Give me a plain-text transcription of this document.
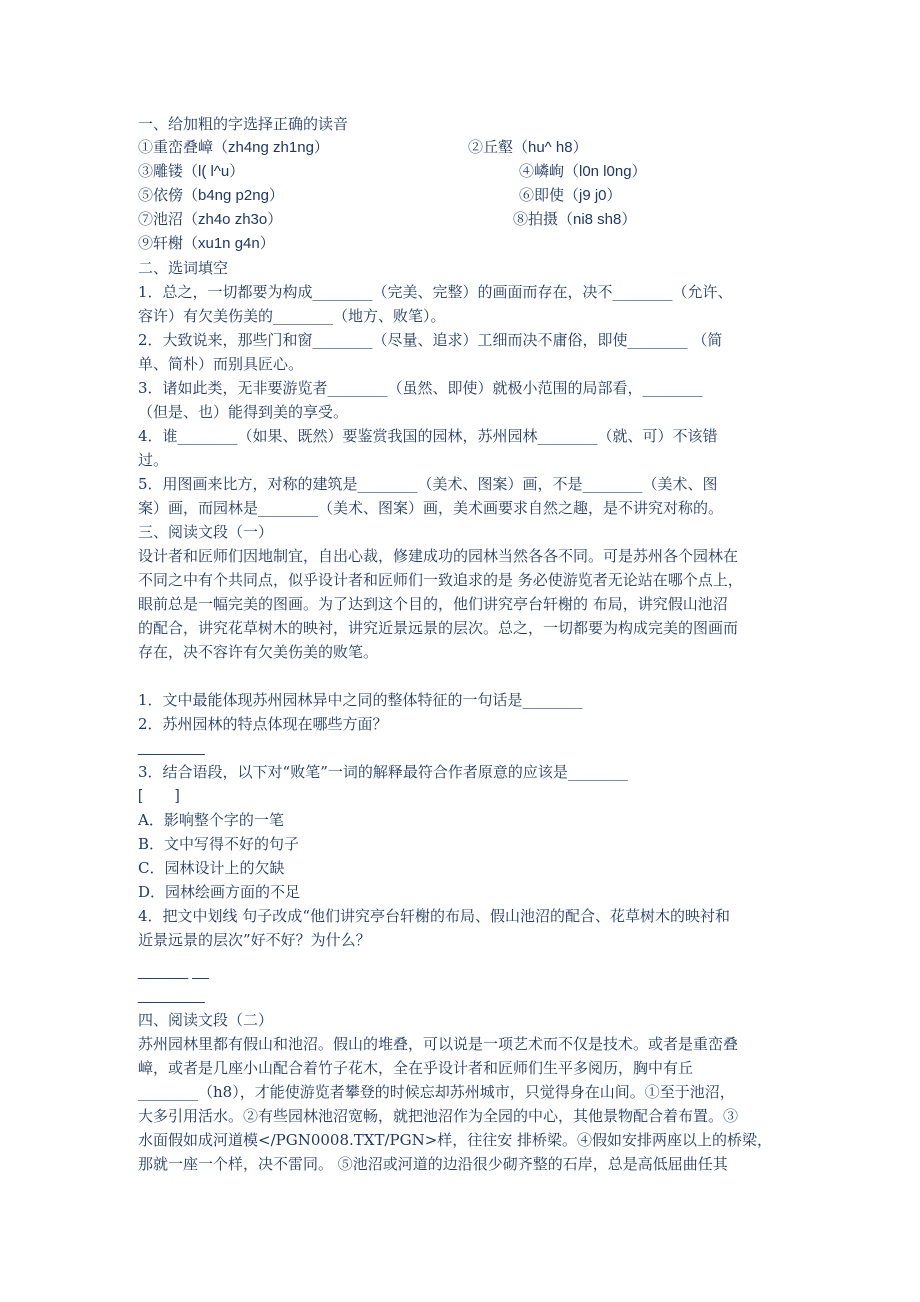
一、给加粗的字选择正确的读音
①重峦叠嶂（zh4ng zh1ng）	②丘壑（hu^ h8）
③雕镂（l( l^u）	④嶙峋（l0n l0ng）
⑤依傍（b4ng p2ng）	⑥即使（j9 j0）
⑦池沼（zh4o zh3o）	⑧拍摄（ni8 sh8）
⑨轩榭（xu1n g4n）
二、选词填空
1．总之，一切都要为构成________（完美、完整）的画面而存在，决不________（允许、
容许）有欠美伤美的________（地方、败笔）。
2．大致说来，那些门和窗________（尽量、追求）工细而决不庸俗，即使________ （简
单、简朴）而别具匠心。
3．诸如此类，无非要游览者________（虽然、即使）就极小范围的局部看，________
（但是、也）能得到美的享受。
4．谁________（如果、既然）要鉴赏我国的园林，苏州园林________（就、可）不该错
过。
5．用图画来比方，对称的建筑是________（美术、图案）画，不是________（美术、图
案）画，而园林是________（美术、图案）画，美术画要求自然之趣，是不讲究对称的。
三、阅读文段（一）
设计者和匠师们因地制宜，自出心裁，修建成功的园林当然各各不同。可是苏州各个园林在
不同之中有个共同点，似乎设计者和匠师们一致追求的是 务必使游览者无论站在哪个点上，
眼前总是一幅完美的图画。为了达到这个目的，他们讲究亭台轩榭的 布局，讲究假山池沼
的配合，讲究花草树木的映衬，讲究近景远景的层次。总之，一切都要为构成完美的图画而
存在，决不容许有欠美伤美的败笔。
1．文中最能体现苏州园林异中之同的整体特征的一句话是________
2．苏州园林的特点体现在哪些方面？
________
3．结合语段，以下对“败笔”一词的解释最符合作者原意的应该是________
[        ]
A．影响整个字的一笔
B．文中写得不好的句子
C．园林设计上的欠缺
D．园林绘画方面的不足
4．把文中划线 句子改成“他们讲究亭台轩榭的布局、假山池沼的配合、花草树木的映衬和
近景远景的层次”好不好？为什么？
______ __
________
四、阅读文段（二）
苏州园林里都有假山和池沼。假山的堆叠，可以说是一项艺术而不仅是技术。或者是重峦叠
嶂，或者是几座小山配合着竹子花木，全在乎设计者和匠师们生平多阅历，胸中有丘
________（h8），才能使游览者攀登的时候忘却苏州城市，只觉得身在山间。①至于池沼，
大多引用活水。②有些园林池沼宽畅，就把池沼作为全园的中心，其他景物配合着布置。③
水面假如成河道模</PGN0008.TXT/PGN>样，往往安 排桥梁。④假如安排两座以上的桥梁，
那就一座一个样，决不雷同。 ⑤池沼或河道的边沿很少砌齐整的石岸，总是高低屈曲任其
